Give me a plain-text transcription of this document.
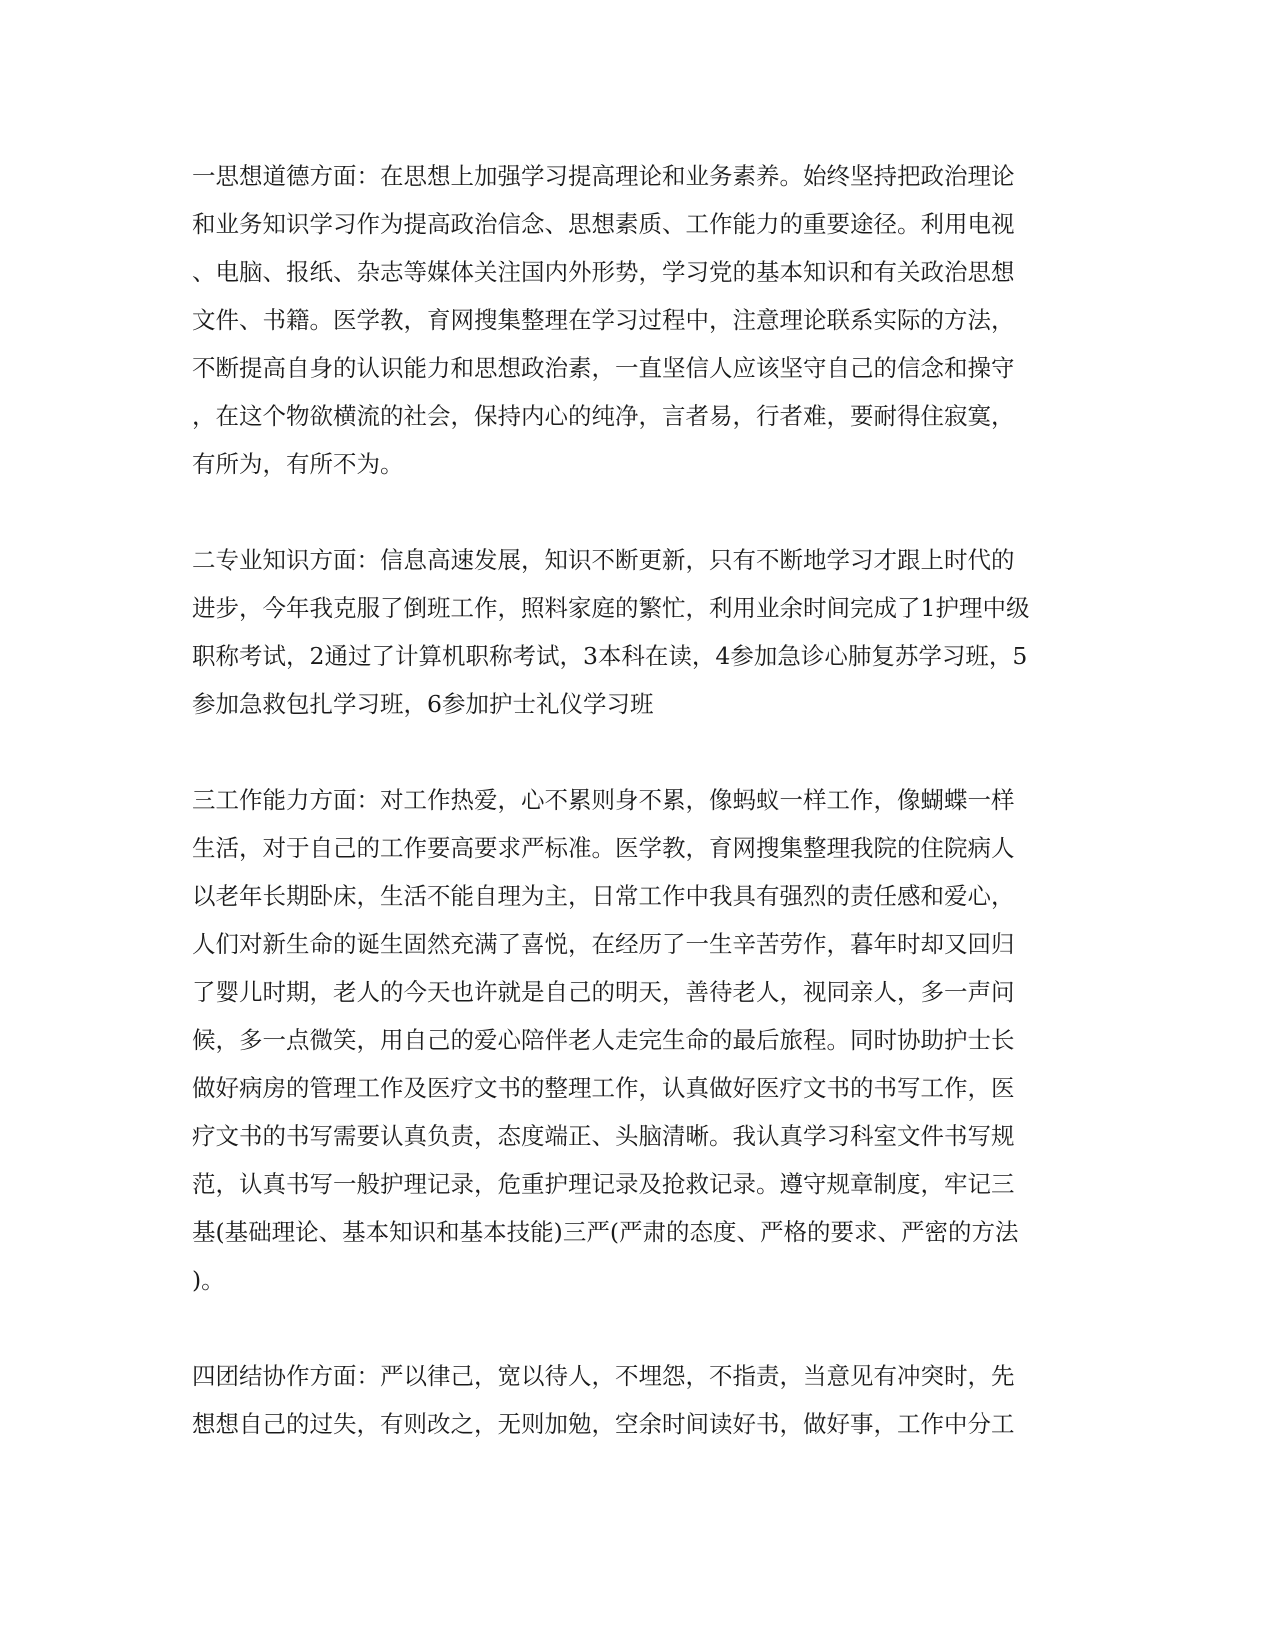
一思想道德方面：在思想上加强学习提高理论和业务素养。始终坚持把政治理论
和业务知识学习作为提高政治信念、思想素质、工作能力的重要途径。利用电视
、电脑、报纸、杂志等媒体关注国内外形势，学习党的基本知识和有关政治思想
文件、书籍。医学教，育网搜集整理在学习过程中，注意理论联系实际的方法，
不断提高自身的认识能力和思想政治素，一直坚信人应该坚守自己的信念和操守
，在这个物欲横流的社会，保持内心的纯净，言者易，行者难，要耐得住寂寞，
有所为，有所不为。

二专业知识方面：信息高速发展，知识不断更新，只有不断地学习才跟上时代的
进步，今年我克服了倒班工作，照料家庭的繁忙，利用业余时间完成了1护理中级
职称考试，2通过了计算机职称考试，3本科在读，4参加急诊心肺复苏学习班，5
参加急救包扎学习班，6参加护士礼仪学习班

三工作能力方面：对工作热爱，心不累则身不累，像蚂蚁一样工作，像蝴蝶一样
生活，对于自己的工作要高要求严标准。医学教，育网搜集整理我院的住院病人
以老年长期卧床，生活不能自理为主，日常工作中我具有强烈的责任感和爱心，
人们对新生命的诞生固然充满了喜悦，在经历了一生辛苦劳作，暮年时却又回归
了婴儿时期，老人的今天也许就是自己的明天，善待老人，视同亲人，多一声问
候，多一点微笑，用自己的爱心陪伴老人走完生命的最后旅程。同时协助护士长
做好病房的管理工作及医疗文书的整理工作，认真做好医疗文书的书写工作，医
疗文书的书写需要认真负责，态度端正、头脑清晰。我认真学习科室文件书写规
范，认真书写一般护理记录，危重护理记录及抢救记录。遵守规章制度，牢记三
基(基础理论、基本知识和基本技能)三严(严肃的态度、严格的要求、严密的方法
)。

四团结协作方面：严以律己，宽以待人，不埋怨，不指责，当意见有冲突时，先
想想自己的过失，有则改之，无则加勉，空余时间读好书，做好事，工作中分工
